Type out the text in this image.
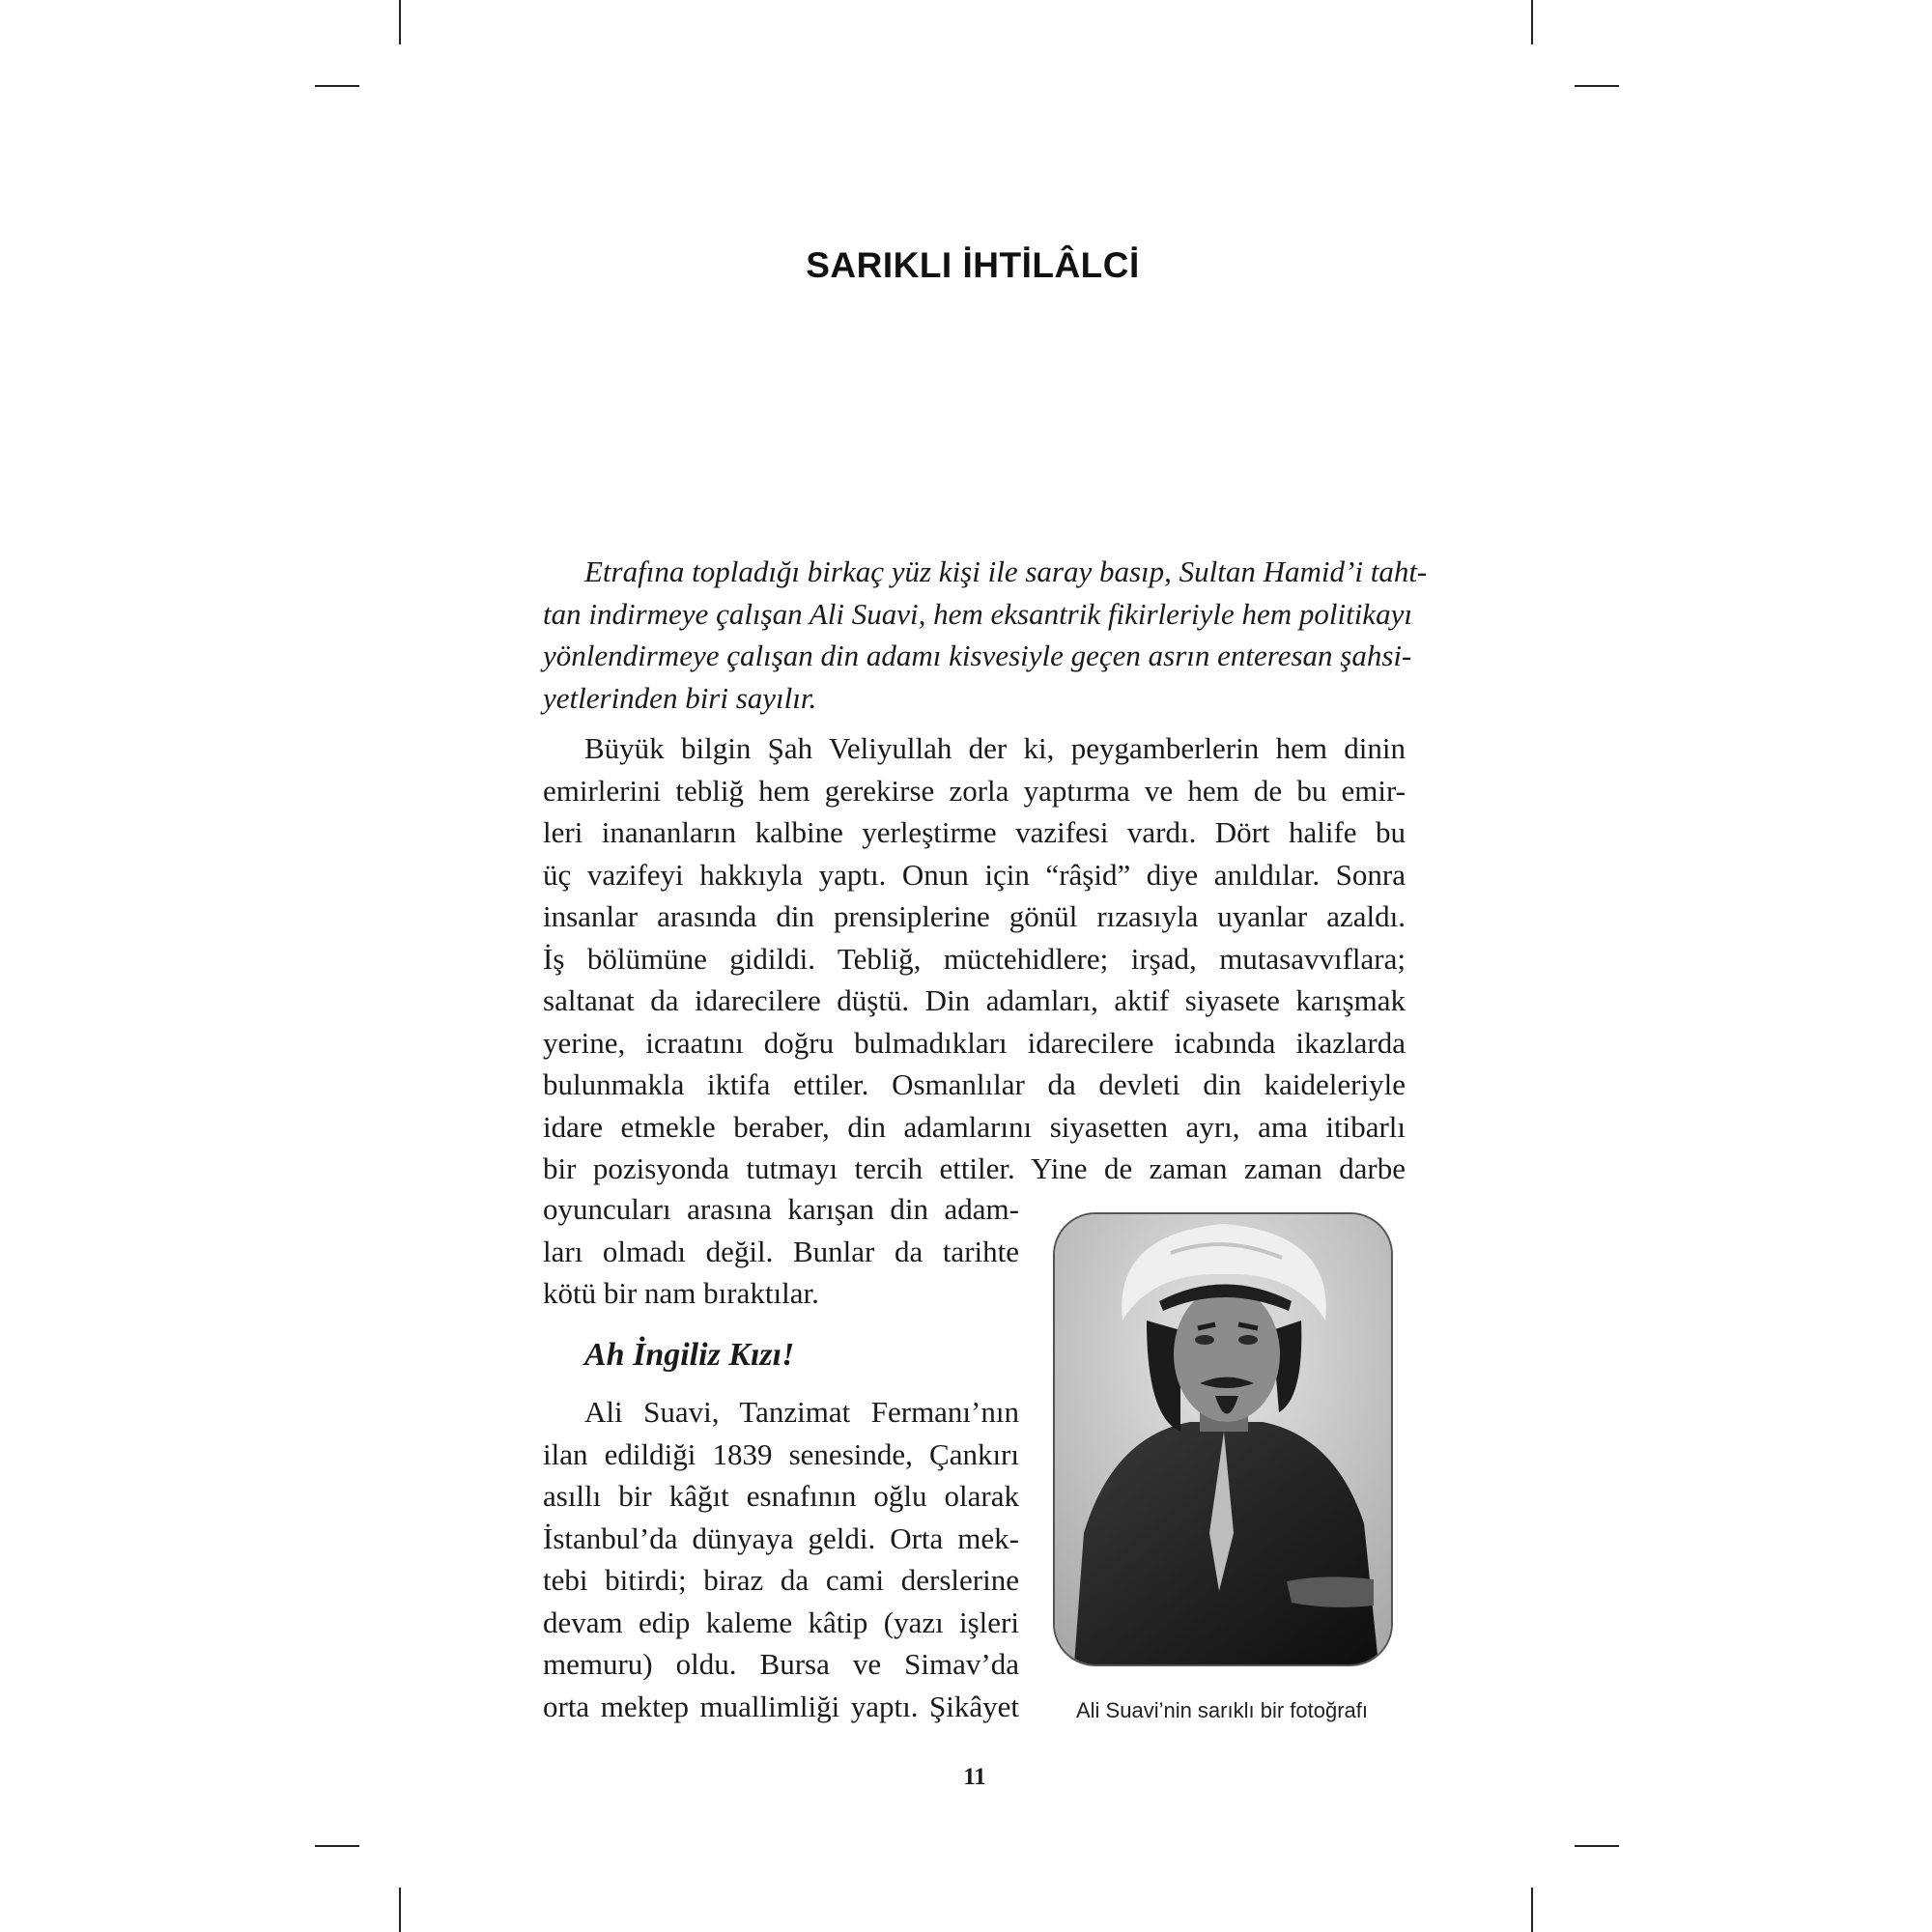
SARIKLI İHTİLÂLCİ
Etrafına topladığı birkaç yüz kişi ile saray basıp, Sultan Hamid’i taht-
tan indirmeye çalışan Ali Suavi, hem eksantrik fikirleriyle hem politikayı
yönlendirmeye çalışan din adamı kisvesiyle geçen asrın enteresan şahsi-
yetlerinden biri sayılır.
Büyük bilgin Şah Veliyullah der ki, peygamberlerin hem dinin
emirlerini tebliğ hem gerekirse zorla yaptırma ve hem de bu emir-
leri inananların kalbine yerleştirme vazifesi vardı. Dört halife bu
üç vazifeyi hakkıyla yaptı. Onun için “râşid” diye anıldılar. Sonra
insanlar arasında din prensiplerine gönül rızasıyla uyanlar azaldı.
İş bölümüne gidildi. Tebliğ, müctehidlere; irşad, mutasavvıflara;
saltanat da idarecilere düştü. Din adamları, aktif siyasete karışmak
yerine, icraatını doğru bulmadıkları idarecilere icabında ikazlarda
bulunmakla iktifa ettiler. Osmanlılar da devleti din kaideleriyle
idare etmekle beraber, din adamlarını siyasetten ayrı, ama itibarlı
bir pozisyonda tutmayı tercih ettiler. Yine de zaman zaman darbe
oyuncuları arasına karışan din adam-
ları olmadı değil. Bunlar da tarihte
kötü bir nam bıraktılar.
Ah İngiliz Kızı!
Ali Suavi, Tanzimat Fermanı’nın
ilan edildiği 1839 senesinde, Çankırı
asıllı bir kâğıt esnafının oğlu olarak
İstanbul’da dünyaya geldi. Orta mek-
tebi bitirdi; biraz da cami derslerine
devam edip kaleme kâtip (yazı işleri
memuru) oldu. Bursa ve Simav’da
orta mektep muallimliği yaptı. Şikâyet	Ali Suavi’nin sarıklı bir fotoğrafı
11
